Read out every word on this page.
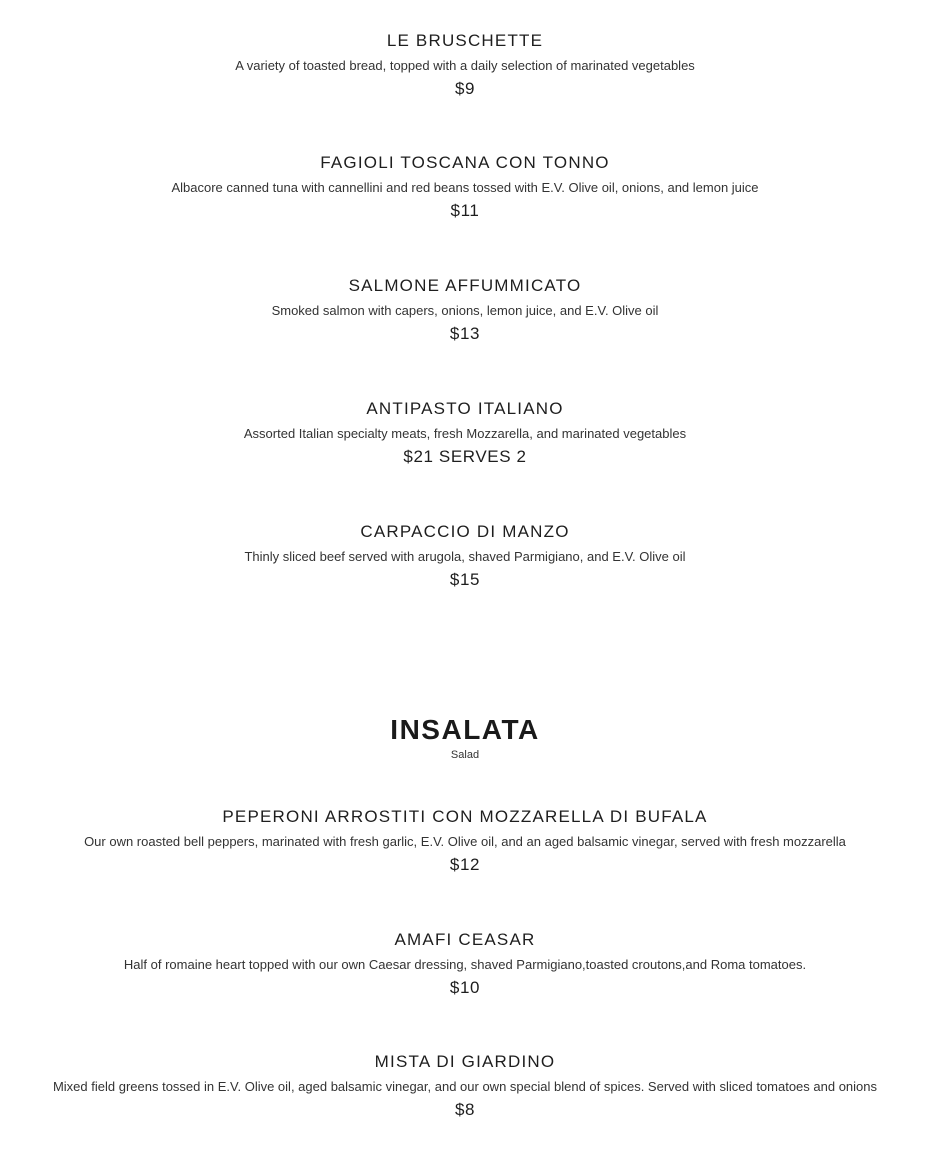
LE BRUSCHETTE
A variety of toasted bread, topped with a daily selection of marinated vegetables
$9
FAGIOLI TOSCANA CON TONNO
Albacore canned tuna with cannellini and red beans tossed with E.V. Olive oil, onions, and lemon juice
$11
SALMONE AFFUMMICATO
Smoked salmon with capers, onions, lemon juice, and E.V. Olive oil
$13
ANTIPASTO ITALIANO
Assorted Italian specialty meats, fresh Mozzarella, and marinated vegetables
$21 SERVES 2
CARPACCIO DI MANZO
Thinly sliced beef served with arugola, shaved Parmigiano, and E.V. Olive oil
$15
INSALATA
Salad
PEPERONI ARROSTITI CON MOZZARELLA DI BUFALA
Our own roasted bell peppers, marinated with fresh garlic, E.V. Olive oil, and an aged balsamic vinegar, served with fresh mozzarella
$12
AMAFI CEASAR
Half of romaine heart topped with our own Caesar dressing, shaved Parmigiano,toasted croutons,and Roma tomatoes.
$10
MISTA DI GIARDINO
Mixed field greens tossed in E.V. Olive oil, aged balsamic vinegar, and our own special blend of spices. Served with sliced tomatoes and onions
$8
